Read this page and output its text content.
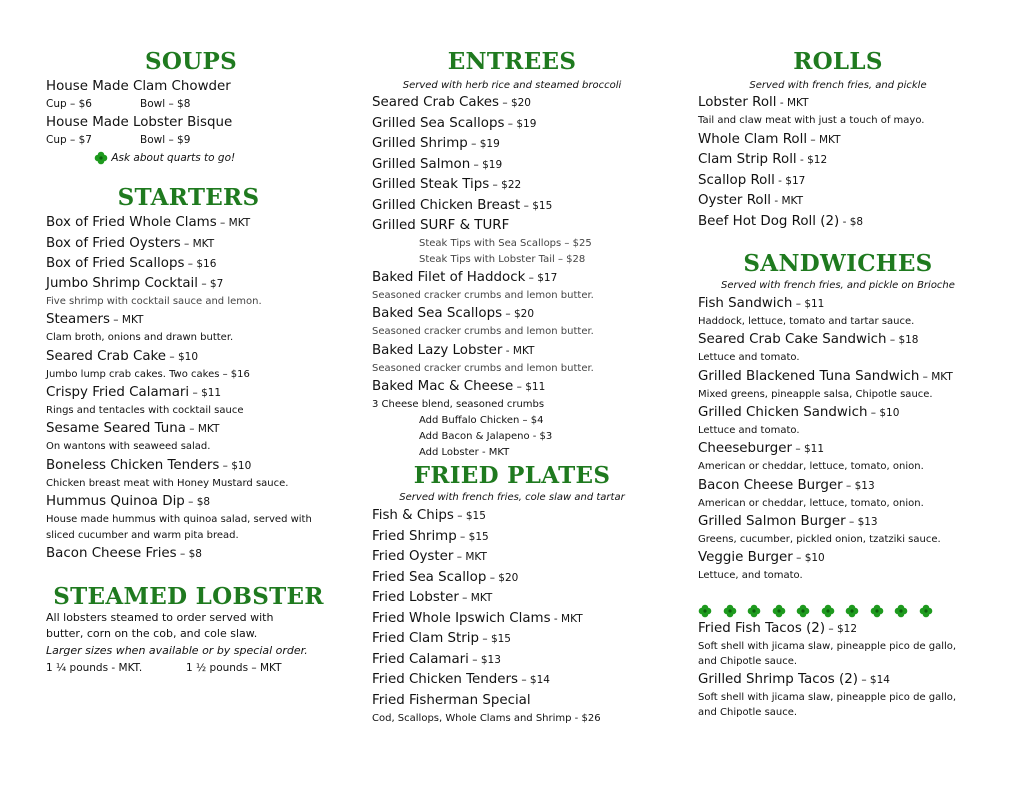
SOUPS
House Made Clam Chowder
Cup – $6	Bowl – $8
House Made Lobster Bisque
Cup – $7	Bowl – $9
Ask about quarts to go!
STARTERS
Box of Fried Whole Clams – MKT
Box of Fried Oysters – MKT
Box of Fried Scallops – $16
Jumbo Shrimp Cocktail – $7
Five shrimp with cocktail sauce and lemon.
Steamers – MKT
Clam broth, onions and drawn butter.
Seared Crab Cake – $10
Jumbo lump crab cakes. Two cakes – $16
Crispy Fried Calamari – $11
Rings and tentacles with cocktail sauce
Sesame Seared Tuna – MKT
On wantons with seaweed salad.
Boneless Chicken Tenders – $10
Chicken breast meat with Honey Mustard sauce.
Hummus Quinoa Dip – $8
House made hummus with quinoa salad, served with
sliced cucumber and warm pita bread.
Bacon Cheese Fries – $8
STEAMED LOBSTER
All lobsters steamed to order served with
butter, corn on the cob, and cole slaw.
Larger sizes when available or by special order.
1 ¼ pounds - MKT.	1 ½ pounds – MKT
ENTREES
Served with herb rice and steamed broccoli
Seared Crab Cakes – $20
Grilled Sea Scallops – $19
Grilled Shrimp – $19
Grilled Salmon – $19
Grilled Steak Tips – $22
Grilled Chicken Breast – $15
Grilled SURF & TURF
Steak Tips with Sea Scallops – $25
Steak Tips with Lobster Tail – $28
Baked Filet of Haddock – $17
Seasoned cracker crumbs and lemon butter.
Baked Sea Scallops – $20
Seasoned cracker crumbs and lemon butter.
Baked Lazy Lobster - MKT
Seasoned cracker crumbs and lemon butter.
Baked Mac & Cheese – $11
3 Cheese blend, seasoned crumbs
Add Buffalo Chicken – $4
Add Bacon & Jalapeno - $3
Add Lobster - MKT
FRIED PLATES
Served with french fries, cole slaw and tartar
Fish & Chips – $15
Fried Shrimp – $15
Fried Oyster – MKT
Fried Sea Scallop – $20
Fried Lobster – MKT
Fried Whole Ipswich Clams - MKT
Fried Clam Strip – $15
Fried Calamari – $13
Fried Chicken Tenders – $14
Fried Fisherman Special
Cod, Scallops, Whole Clams and Shrimp - $26
ROLLS
Served with french fries, and pickle
Lobster Roll - MKT
Tail and claw meat with just a touch of mayo.
Whole Clam Roll – MKT
Clam Strip Roll - $12
Scallop Roll - $17
Oyster Roll - MKT
Beef Hot Dog Roll (2) - $8
SANDWICHES
Served with french fries, and pickle on Brioche
Fish Sandwich – $11
Haddock, lettuce, tomato and tartar sauce.
Seared Crab Cake Sandwich – $18
Lettuce and tomato.
Grilled Blackened Tuna Sandwich – MKT
Mixed greens, pineapple salsa, Chipotle sauce.
Grilled Chicken Sandwich – $10
Lettuce and tomato.
Cheeseburger – $11
American or cheddar, lettuce, tomato, onion.
Bacon Cheese Burger – $13
American or cheddar, lettuce, tomato, onion.
Grilled Salmon Burger – $13
Greens, cucumber, pickled onion, tzatziki sauce.
Veggie Burger – $10
Lettuce, and tomato.
Fried Fish Tacos (2) – $12
Soft shell with jicama slaw, pineapple pico de gallo,
and Chipotle sauce.
Grilled Shrimp Tacos (2) – $14
Soft shell with jicama slaw, pineapple pico de gallo,
and Chipotle sauce.
